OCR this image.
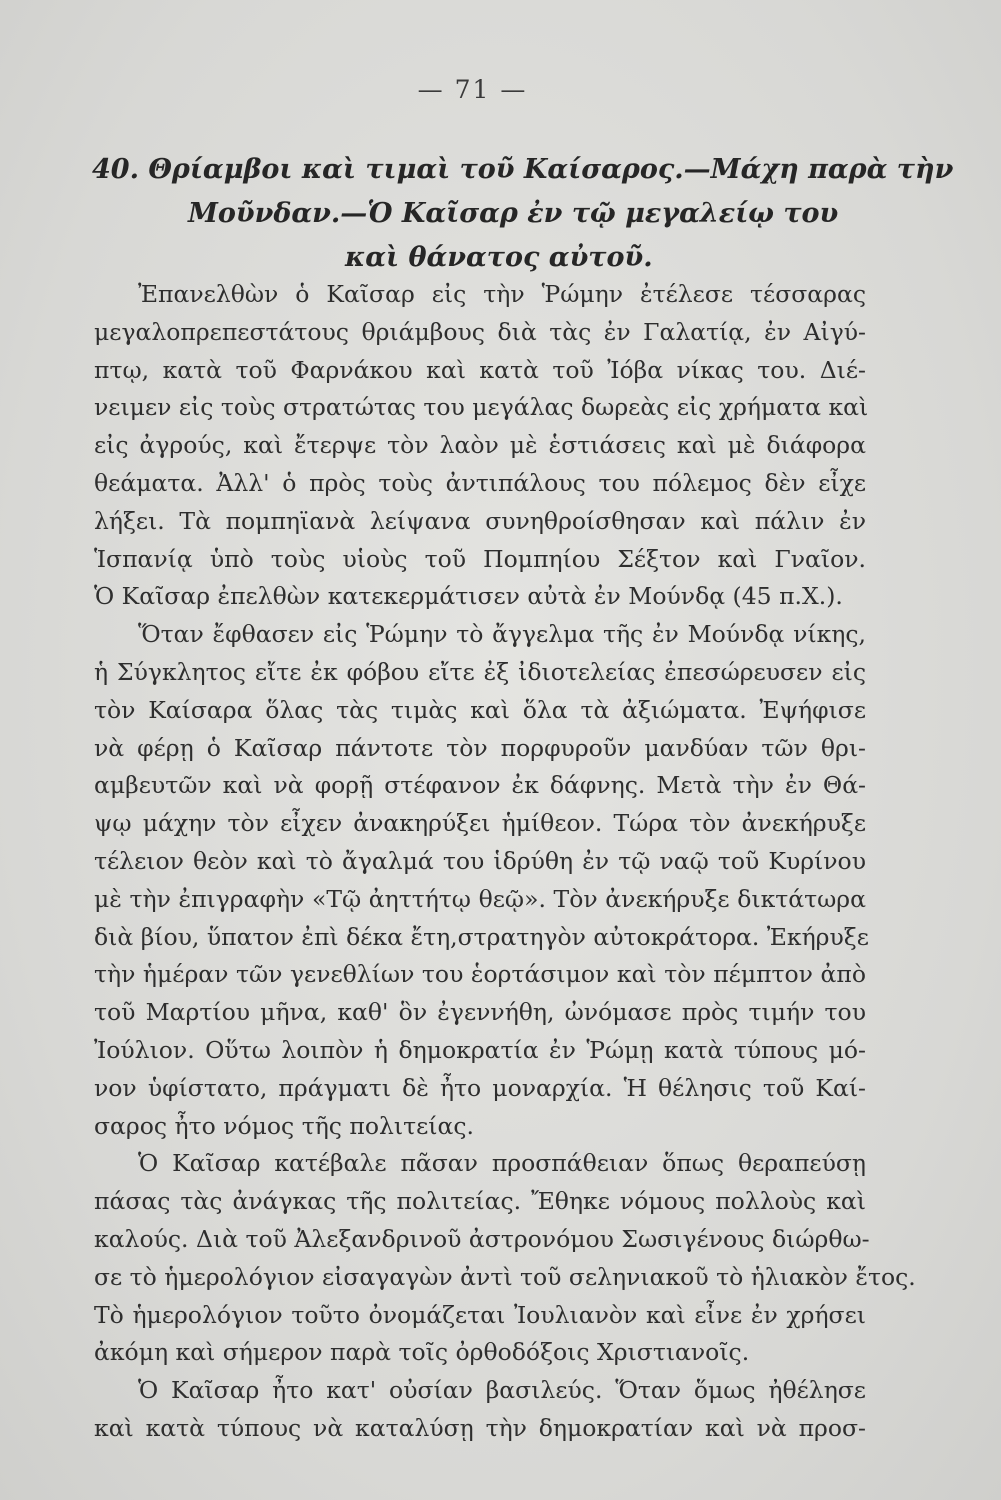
— 71 —
40. Θρίαμβοι καὶ τιμαὶ τοῦ Καίσαρος.—Μάχη παρὰ τὴν
Μοῦνδαν.—Ὁ Καῖσαρ ἐν τῷ μεγαλείῳ του
καὶ θάνατος αὐτοῦ.
Ἐπανελθὼν ὁ Καῖσαρ εἰς τὴν Ῥώμην ἐτέλεσε τέσσαρας
μεγαλοπρεπεστάτους θριάμβους διὰ τὰς ἐν Γαλατίᾳ, ἐν Αἰγύ-
πτῳ, κατὰ τοῦ Φαρνάκου καὶ κατὰ τοῦ Ἰόβα νίκας του. Διέ-
νειμεν εἰς τοὺς στρατώτας του μεγάλας δωρεὰς εἰς χρήματα καὶ
εἰς ἀγρούς, καὶ ἔτερψε τὸν λαὸν μὲ ἑστιάσεις καὶ μὲ διάφορα
θεάματα. Ἀλλ' ὁ πρὸς τοὺς ἀντιπάλους του πόλεμος δὲν εἶχε
λήξει. Τὰ πομπηϊανὰ λείψανα συνηθροίσθησαν καὶ πάλιν ἐν
Ἱσπανίᾳ ὑπὸ τοὺς υἱοὺς τοῦ Πομπηίου Σέξτον καὶ Γναῖον.
Ὁ Καῖσαρ ἐπελθὼν κατεκερμάτισεν αὐτὰ ἐν Μούνδᾳ (45 π.Χ.).
Ὅταν ἔφθασεν εἰς Ῥώμην τὸ ἄγγελμα τῆς ἐν Μούνδᾳ νίκης,
ἡ Σύγκλητος εἴτε ἐκ φόβου εἴτε ἐξ ἰδιοτελείας ἐπεσώρευσεν εἰς
τὸν Καίσαρα ὅλας τὰς τιμὰς καὶ ὅλα τὰ ἀξιώματα. Ἐψήφισε
νὰ φέρῃ ὁ Καῖσαρ πάντοτε τὸν πορφυροῦν μανδύαν τῶν θρι-
αμβευτῶν καὶ νὰ φορῇ στέφανον ἐκ δάφνης. Μετὰ τὴν ἐν Θά-
ψῳ μάχην τὸν εἶχεν ἀνακηρύξει ἡμίθεον. Τώρα τὸν ἀνεκήρυξε
τέλειον θεὸν καὶ τὸ ἄγαλμά του ἱδρύθη ἐν τῷ ναῷ τοῦ Κυρίνου
μὲ τὴν ἐπιγραφὴν «Τῷ ἀηττήτῳ θεῷ». Τὸν ἀνεκήρυξε δικτάτωρα
διὰ βίου, ὕπατον ἐπὶ δέκα ἔτη,στρατηγὸν αὐτοκράτορα. Ἐκήρυξε
τὴν ἡμέραν τῶν γενεθλίων του ἑορτάσιμον καὶ τὸν πέμπτον ἀπὸ
τοῦ Μαρτίου μῆνα, καθ' ὃν ἐγεννήθη, ὠνόμασε πρὸς τιμήν του
Ἰούλιον. Οὕτω λοιπὸν ἡ δημοκρατία ἐν Ῥώμῃ κατὰ τύπους μό-
νον ὑφίστατο, πράγματι δὲ ἦτο μοναρχία. Ἡ θέλησις τοῦ Καί-
σαρος ἦτο νόμος τῆς πολιτείας.
Ὁ Καῖσαρ κατέβαλε πᾶσαν προσπάθειαν ὅπως θεραπεύσῃ
πάσας τὰς ἀνάγκας τῆς πολιτείας. Ἔθηκε νόμους πολλοὺς καὶ
καλούς. Διὰ τοῦ Ἀλεξανδρινοῦ ἀστρονόμου Σωσιγένους διώρθω-
σε τὸ ἡμερολόγιον εἰσαγαγὼν ἀντὶ τοῦ σεληνιακοῦ τὸ ἡλιακὸν ἔτος.
Τὸ ἡμερολόγιον τοῦτο ὀνομάζεται Ἰουλιανὸν καὶ εἶνε ἐν χρήσει
ἀκόμη καὶ σήμερον παρὰ τοῖς ὀρθοδόξοις Χριστιανοῖς.
Ὁ Καῖσαρ ἦτο κατ' οὐσίαν βασιλεύς. Ὅταν ὅμως ἠθέλησε
καὶ κατὰ τύπους νὰ καταλύσῃ τὴν δημοκρατίαν καὶ νὰ προσ-
